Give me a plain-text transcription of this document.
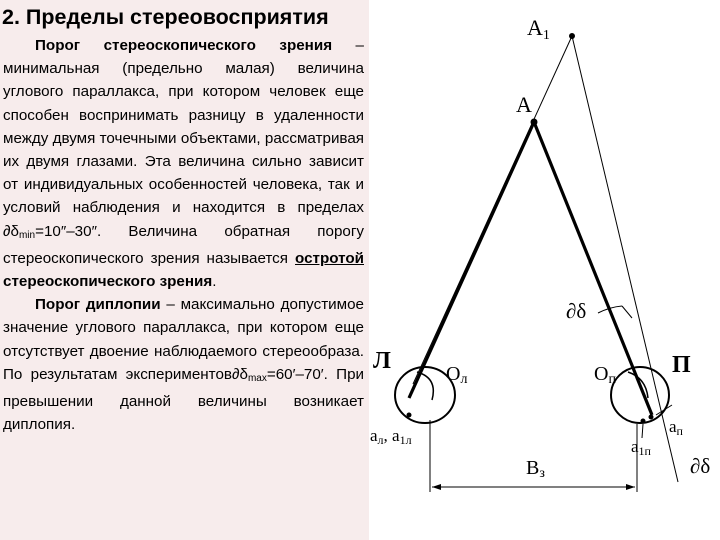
2. Пределы стереовосприятия

Порог стереоскопического зрения – минимальная (предельно малая) величина углового параллакса, при котором человек еще способен воспринимать разницу в удаленности между двумя точечными объектами, рассматривая их двумя глазами. Эта величина сильно зависит от индивидуальных особенностей человека, так и условий наблюдения и находится в пределах $\partial\delta_{min}=10''-30''$. Величина обратная порогу стереоскопического зрения называется остротой стереоскопического зрения.

Порог диплопии – максимально допустимое значение углового параллакса, при котором еще отсутствует двоение наблюдаемого стереообраза. По результатам $экспериментов\partial\delta_{max}=60'-70'$. При превышении данной величины возникает диплопия.

A1
A
Л	П
Oл	Oп
∂δ
∂δ
aл, a1л
aп
a1п
Bз
